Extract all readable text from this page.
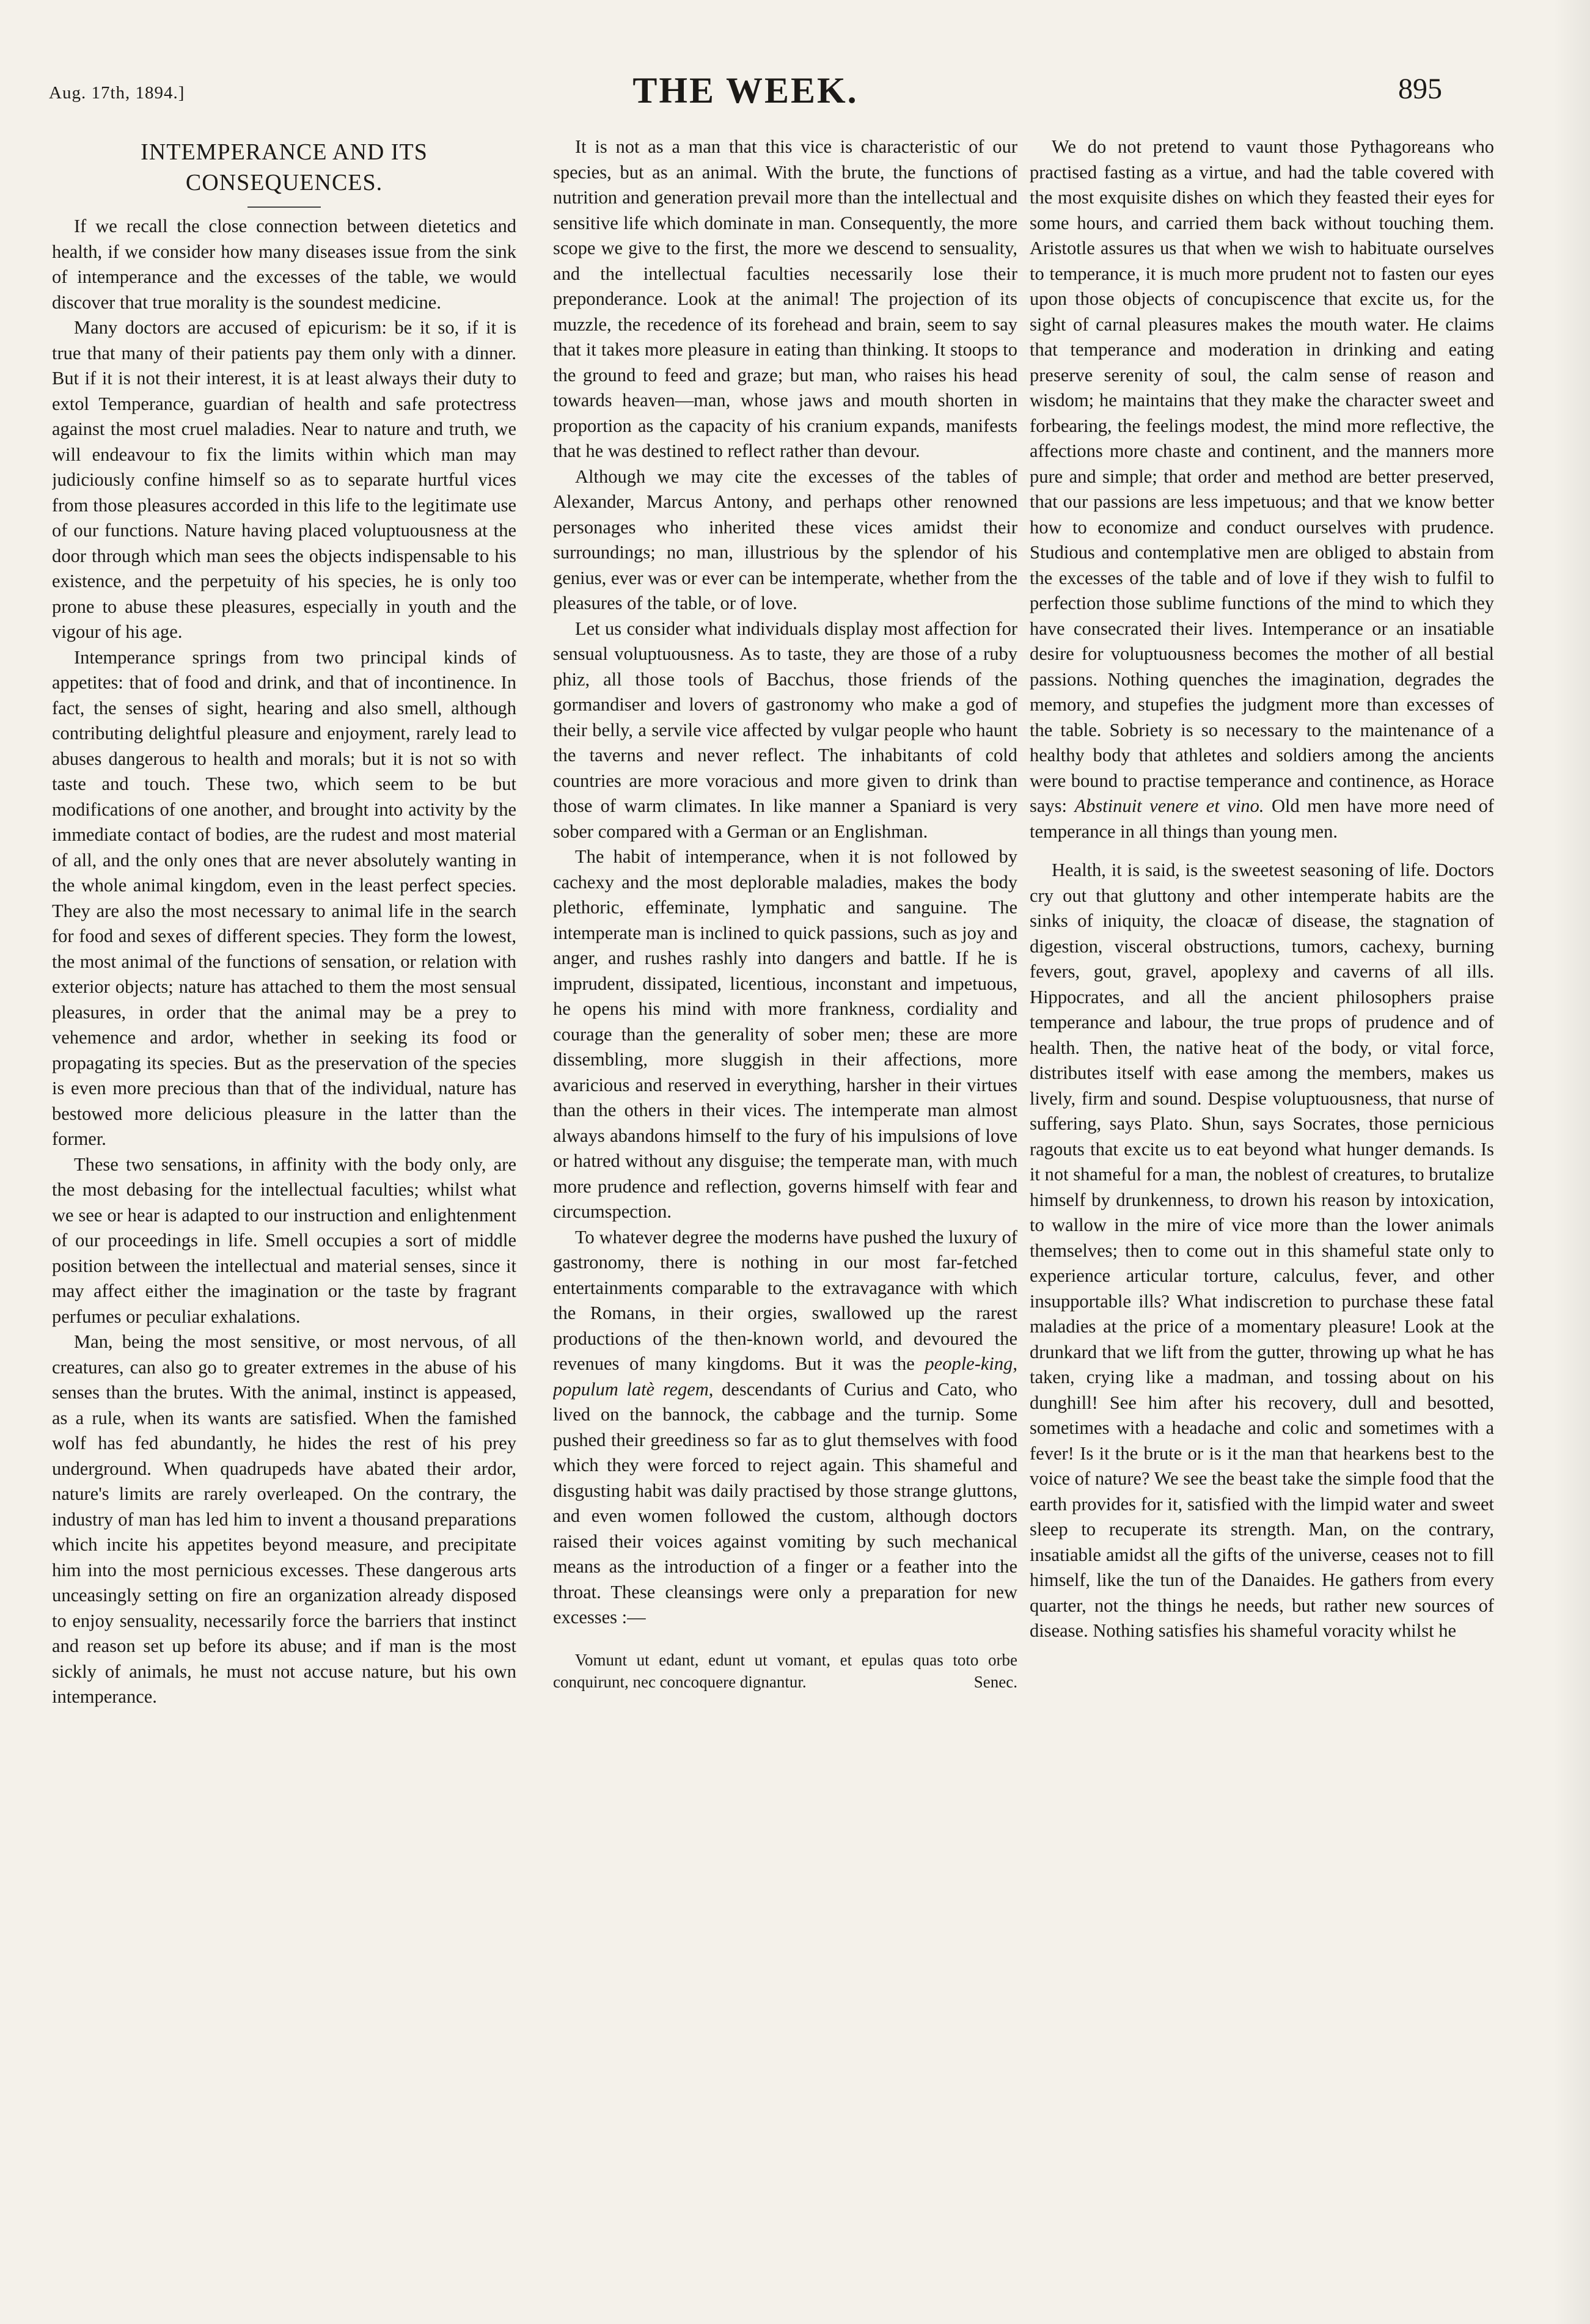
Aug. 17th, 1894.]	THE WEEK.	895
INTEMPERANCE AND ITS CONSEQUENCES.

If we recall the close connection between dietetics and health, if we consider how many diseases issue from the sink of intemperance and the excesses of the table, we would discover that true morality is the soundest medicine.

Many doctors are accused of epicurism: be it so, if it is true that many of their patients pay them only with a dinner. But if it is not their interest, it is at least always their duty to extol Temperance, guardian of health and safe protectress against the most cruel maladies. Near to nature and truth, we will endeavour to fix the limits within which man may judiciously confine himself so as to separate hurtful vices from those pleasures accorded in this life to the legitimate use of our functions. Nature having placed voluptuousness at the door through which man sees the objects indispensable to his existence, and the perpetuity of his species, he is only too prone to abuse these pleasures, especially in youth and the vigour of his age.

Intemperance springs from two principal kinds of appetites: that of food and drink, and that of incontinence. In fact, the senses of sight, hearing and also smell, although contributing delightful pleasure and enjoyment, rarely lead to abuses dangerous to health and morals; but it is not so with taste and touch. These two, which seem to be but modifications of one another, and brought into activity by the immediate contact of bodies, are the rudest and most material of all, and the only ones that are never absolutely wanting in the whole animal kingdom, even in the least perfect species. They are also the most necessary to animal life in the search for food and sexes of different species. They form the lowest, the most animal of the functions of sensation, or relation with exterior objects; nature has attached to them the most sensual pleasures, in order that the animal may be a prey to vehemence and ardor, whether in seeking its food or propagating its species. But as the preservation of the species is even more precious than that of the individual, nature has bestowed more delicious pleasure in the latter than the former.

These two sensations, in affinity with the body only, are the most debasing for the intellectual faculties; whilst what we see or hear is adapted to our instruction and enlightenment of our proceedings in life. Smell occupies a sort of middle position between the intellectual and material senses, since it may affect either the imagination or the taste by fragrant perfumes or peculiar exhalations.

Man, being the most sensitive, or most nervous, of all creatures, can also go to greater extremes in the abuse of his senses than the brutes. With the animal, instinct is appeased, as a rule, when its wants are satisfied. When the famished wolf has fed abundantly, he hides the rest of his prey underground. When quadrupeds have abated their ardor, nature's limits are rarely overleaped. On the contrary, the industry of man has led him to invent a thousand preparations which incite his appetites beyond measure, and precipitate him into the most pernicious excesses. These dangerous arts unceasingly setting on fire an organization already disposed to enjoy sensuality, necessarily force the barriers that instinct and reason set up before its abuse; and if man is the most sickly of animals, he must not accuse nature, but his own intemperance.

It is not as a man that this vice is characteristic of our species, but as an animal. With the brute, the functions of nutrition and generation prevail more than the intellectual and sensitive life which dominate in man. Consequently, the more scope we give to the first, the more we descend to sensuality, and the intellectual faculties necessarily lose their preponderance. Look at the animal! The projection of its muzzle, the recedence of its forehead and brain, seem to say that it takes more pleasure in eating than thinking. It stoops to the ground to feed and graze; but man, who raises his head towards heaven—man, whose jaws and mouth shorten in proportion as the capacity of his cranium expands, manifests that he was destined to reflect rather than devour.

Although we may cite the excesses of the tables of Alexander, Marcus Antony, and perhaps other renowned personages who inherited these vices amidst their surroundings; no man, illustrious by the splendor of his genius, ever was or ever can be intemperate, whether from the pleasures of the table, or of love.

Let us consider what individuals display most affection for sensual voluptuousness. As to taste, they are those of a ruby phiz, all those tools of Bacchus, those friends of the gormandiser and lovers of gastronomy who make a god of their belly, a servile vice affected by vulgar people who haunt the taverns and never reflect. The inhabitants of cold countries are more voracious and more given to drink than those of warm climates. In like manner a Spaniard is very sober compared with a German or an Englishman.

The habit of intemperance, when it is not followed by cachexy and the most deplorable maladies, makes the body plethoric, effeminate, lymphatic and sanguine. The intemperate man is inclined to quick passions, such as joy and anger, and rushes rashly into dangers and battle. If he is imprudent, dissipated, licentious, inconstant and impetuous, he opens his mind with more frankness, cordiality and courage than the generality of sober men; these are more dissembling, more sluggish in their affections, more avaricious and reserved in everything, harsher in their virtues than the others in their vices. The intemperate man almost always abandons himself to the fury of his impulsions of love or hatred without any disguise; the temperate man, with much more prudence and reflection, governs himself with fear and circumspection.

To whatever degree the moderns have pushed the luxury of gastronomy, there is nothing in our most far-fetched entertainments comparable to the extravagance with which the Romans, in their orgies, swallowed up the rarest productions of the then-known world, and devoured the revenues of many kingdoms. But it was the people-king, populum latè regem, descendants of Curius and Cato, who lived on the bannock, the cabbage and the turnip. Some pushed their greediness so far as to glut themselves with food which they were forced to reject again. This shameful and disgusting habit was daily practised by those strange gluttons, and even women followed the custom, although doctors raised their voices against vomiting by such mechanical means as the introduction of a finger or a feather into the throat. These cleansings were only a preparation for new excesses :—

Vomunt ut edant, edunt ut vomant, et epulas quas toto orbe conquirunt, nec concoquere dignantur.	Senec.

We do not pretend to vaunt those Pythagoreans who practised fasting as a virtue, and had the table covered with the most exquisite dishes on which they feasted their eyes for some hours, and carried them back without touching them. Aristotle assures us that when we wish to habituate ourselves to temperance, it is much more prudent not to fasten our eyes upon those objects of concupiscence that excite us, for the sight of carnal pleasures makes the mouth water. He claims that temperance and moderation in drinking and eating preserve serenity of soul, the calm sense of reason and wisdom; he maintains that they make the character sweet and forbearing, the feelings modest, the mind more reflective, the affections more chaste and continent, and the manners more pure and simple; that order and method are better preserved, that our passions are less impetuous; and that we know better how to economize and conduct ourselves with prudence. Studious and contemplative men are obliged to abstain from the excesses of the table and of love if they wish to fulfil to perfection those sublime functions of the mind to which they have consecrated their lives. Intemperance or an insatiable desire for voluptuousness becomes the mother of all bestial passions. Nothing quenches the imagination, degrades the memory, and stupefies the judgment more than excesses of the table. Sobriety is so necessary to the maintenance of a healthy body that athletes and soldiers among the ancients were bound to practise temperance and continence, as Horace says: Abstinuit venere et vino. Old men have more need of temperance in all things than young men.

Health, it is said, is the sweetest seasoning of life. Doctors cry out that gluttony and other intemperate habits are the sinks of iniquity, the cloacæ of disease, the stagnation of digestion, visceral obstructions, tumors, cachexy, burning fevers, gout, gravel, apoplexy and caverns of all ills. Hippocrates, and all the ancient philosophers praise temperance and labour, the true props of prudence and of health. Then, the native heat of the body, or vital force, distributes itself with ease among the members, makes us lively, firm and sound. Despise voluptuousness, that nurse of suffering, says Plato. Shun, says Socrates, those pernicious ragouts that excite us to eat beyond what hunger demands. Is it not shameful for a man, the noblest of creatures, to brutalize himself by drunkenness, to drown his reason by intoxication, to wallow in the mire of vice more than the lower animals themselves; then to come out in this shameful state only to experience articular torture, calculus, fever, and other insupportable ills? What indiscretion to purchase these fatal maladies at the price of a momentary pleasure! Look at the drunkard that we lift from the gutter, throwing up what he has taken, crying like a madman, and tossing about on his dunghill! See him after his recovery, dull and besotted, sometimes with a headache and colic and sometimes with a fever! Is it the brute or is it the man that hearkens best to the voice of nature? We see the beast take the simple food that the earth provides for it, satisfied with the limpid water and sweet sleep to recuperate its strength. Man, on the contrary, insatiable amidst all the gifts of the universe, ceases not to fill himself, like the tun of the Danaides. He gathers from every quarter, not the things he needs, but rather new sources of disease. Nothing satisfies his shameful voracity whilst he
